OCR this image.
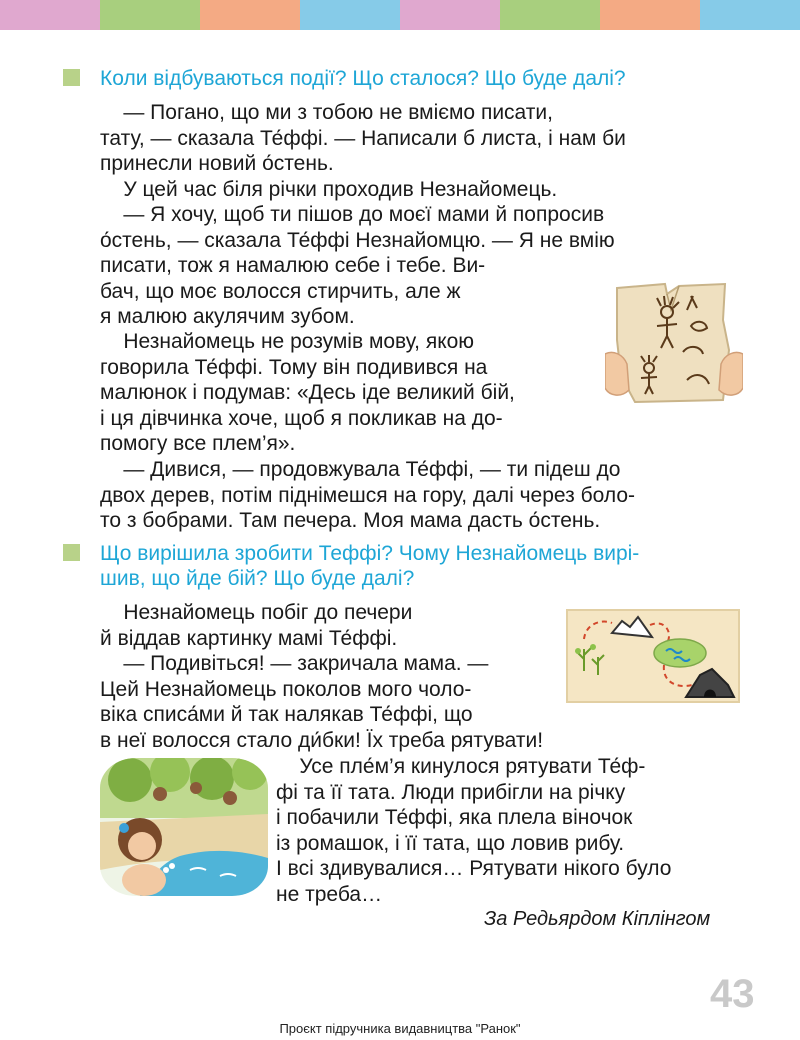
Коли відбуваються події? Що сталося? Що буде далі?

— Погано, що ми з тобою не вміємо писати,
тату, — сказала Те́ффі. — Написали б листа, і нам би
принесли новий о́стень.

У цей час біля річки проходив Незнайомець.

— Я хочу, щоб ти пішов до моєї мами й попросив
о́стень, — сказала Те́ффі Незнайомцю. — Я не вмію

писати, тож я намалюю себе і тебе. Ви-
бач, що моє волосся стирчить, але ж
я малюю акулячим зубом.

Незнайомець не розумів мову, якою
говорила Те́ффі. Тому він подивився на
малюнок і подумав: «Десь іде великий бій,
і ця дівчинка хоче, щоб я покликав на до-
помогу все плем’я».

— Дивися, — продовжувала Те́ффі, — ти підеш до
двох дерев, потім піднімешся на гору, далі через боло-
то з бобрами. Там печера. Моя мама дасть о́стень.

Що вирішила зробити Теффі? Чому Незнайомець вирі-

шив, що йде бій? Що буде далі?

Незнайомець побіг до печери
й віддав картинку мамі Те́ффі.
— Подивіться! — закричала мама. —
Цей Незнайомець поколов мого чоло-
віка списа́ми й так налякав Те́ффі, що

в неї волосся стало ди́бки! Їх треба рятувати!

Усе пле́м’я кинулося рятувати Те́ф-
фі та її тата. Люди прибігли на річку
і побачили Те́ффі, яка плела віночок
із ромашок, і її тата, що ловив рибу.
І всі здивувалися… Рятувати нікого було
не треба…

За Редьярдом Кіплінгом

43

Проєкт підручника видавництва "Ранок"
